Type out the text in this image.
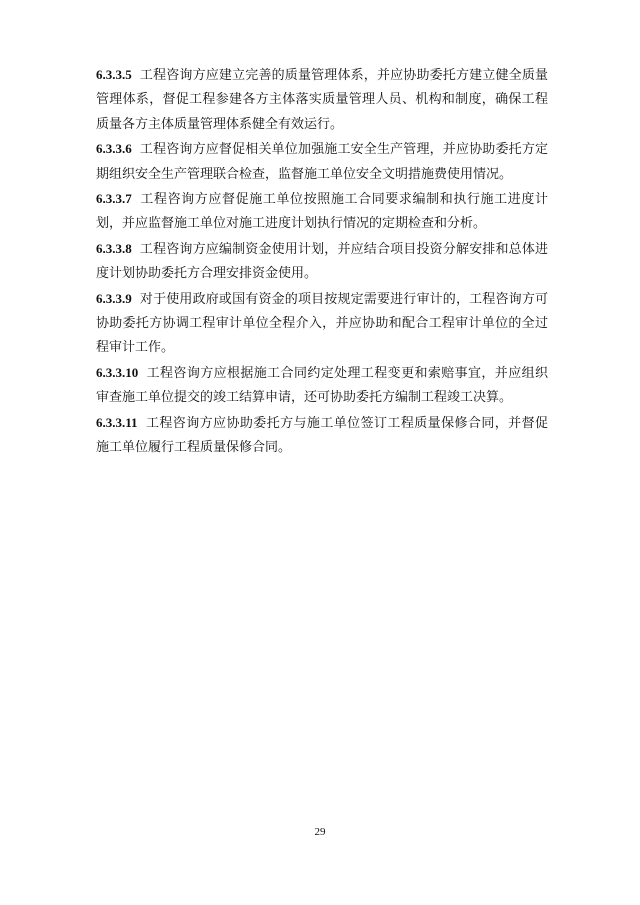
6.3.3.5 工程咨询方应建立完善的质量管理体系，并应协助委托方建立健全质量管理体系，督促工程参建各方主体落实质量管理人员、机构和制度，确保工程质量各方主体质量管理体系健全有效运行。

6.3.3.6 工程咨询方应督促相关单位加强施工安全生产管理，并应协助委托方定期组织安全生产管理联合检查，监督施工单位安全文明措施费使用情况。

6.3.3.7 工程咨询方应督促施工单位按照施工合同要求编制和执行施工进度计划，并应监督施工单位对施工进度计划执行情况的定期检查和分析。

6.3.3.8 工程咨询方应编制资金使用计划，并应结合项目投资分解安排和总体进度计划协助委托方合理安排资金使用。

6.3.3.9 对于使用政府或国有资金的项目按规定需要进行审计的，工程咨询方可协助委托方协调工程审计单位全程介入，并应协助和配合工程审计单位的全过程审计工作。

6.3.3.10 工程咨询方应根据施工合同约定处理工程变更和索赔事宜，并应组织审查施工单位提交的竣工结算申请，还可协助委托方编制工程竣工决算。

6.3.3.11 工程咨询方应协助委托方与施工单位签订工程质量保修合同，并督促施工单位履行工程质量保修合同。

29
